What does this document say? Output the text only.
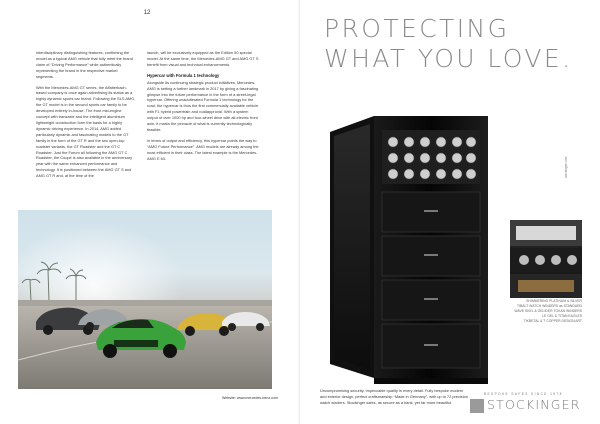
12

interdisciplinary distinguishing features, confirming the model as a typical AMG vehicle that fully meet the brand claim of “Driving Performance” while authentically representing the brand in the respective market segments.

With the Mercedes-AMG GT series, the Affalterbach-based company is once again advertising its status as a highly dynamic sports car brand. Following the SLS AMG, the GT model is in the second sports car family to be developed entirely in-house. The front mid-engine concept with transaxle and the intelligent aluminium lightweight construction form the basis for a highly dynamic driving experience. In 2014, AMG added particularly dynamic and fascinating models to the GT family in the form of the GT R and the two open-top roadster variants, the GT Roadster and the GT C Roadster. Just the Forum all following the AMG GT C Roadster, the Coupé is also available in the anniversary year with the same enhanced performance and technology. It is positioned between the AMG GT S and AMG GT R and, at the time of the

launch, will be exclusively equipped as the Edition 50 special model. At the same time, the Mercedes-AMG GT and AMG GT S benefit from visual and technical enhancements.

Hypercar with Formula 1 technology

Alongside its continuing strategic product initiatives, Mercedes-AMG is setting a further landmark in 2017 by giving a fascinating glimpse into the future performance in the form of a street-legal hypercar. Offering unadulterated Formula 1 technology for the road, the hypercar is thus the first commercially available vehicle with F1 hybrid powertrain and roadapproval. With a system output of over 1000 hp and four-wheel drive with all-electric front axle, it marks the pinnacle of what is currently technologically feasible.

In terms of output and efficiency, this hypercar points the way to “AMG Future Performance”. AMG models are already among the most efficient in their class. The latest example is the Mercedes-AMG E 63.

Website: www.mercedes-benz.com
PROTECTING
WHAT YOU LOVE.
stockinger.com
SHIMMERING PLATINUM & SILVER
TIBALT WATCH WINDERS as STANDARD
WAVE SKEL & GELIDER TOKAN WINDERS
LE GEL & TITAN EAGLES
TIKBETAL & T COPPER DESIGN ART
Uncompromising security. Impeccable quality in every detail. Fully bespoke modern and exterior design, perfect craftsmanship “Made in Germany”, with up to 72 precision watch winders. Stockinger safes, as secure as a bank, yet far more beautiful.
BESPOKE SAFES SINCE 1978
STOCKINGER
